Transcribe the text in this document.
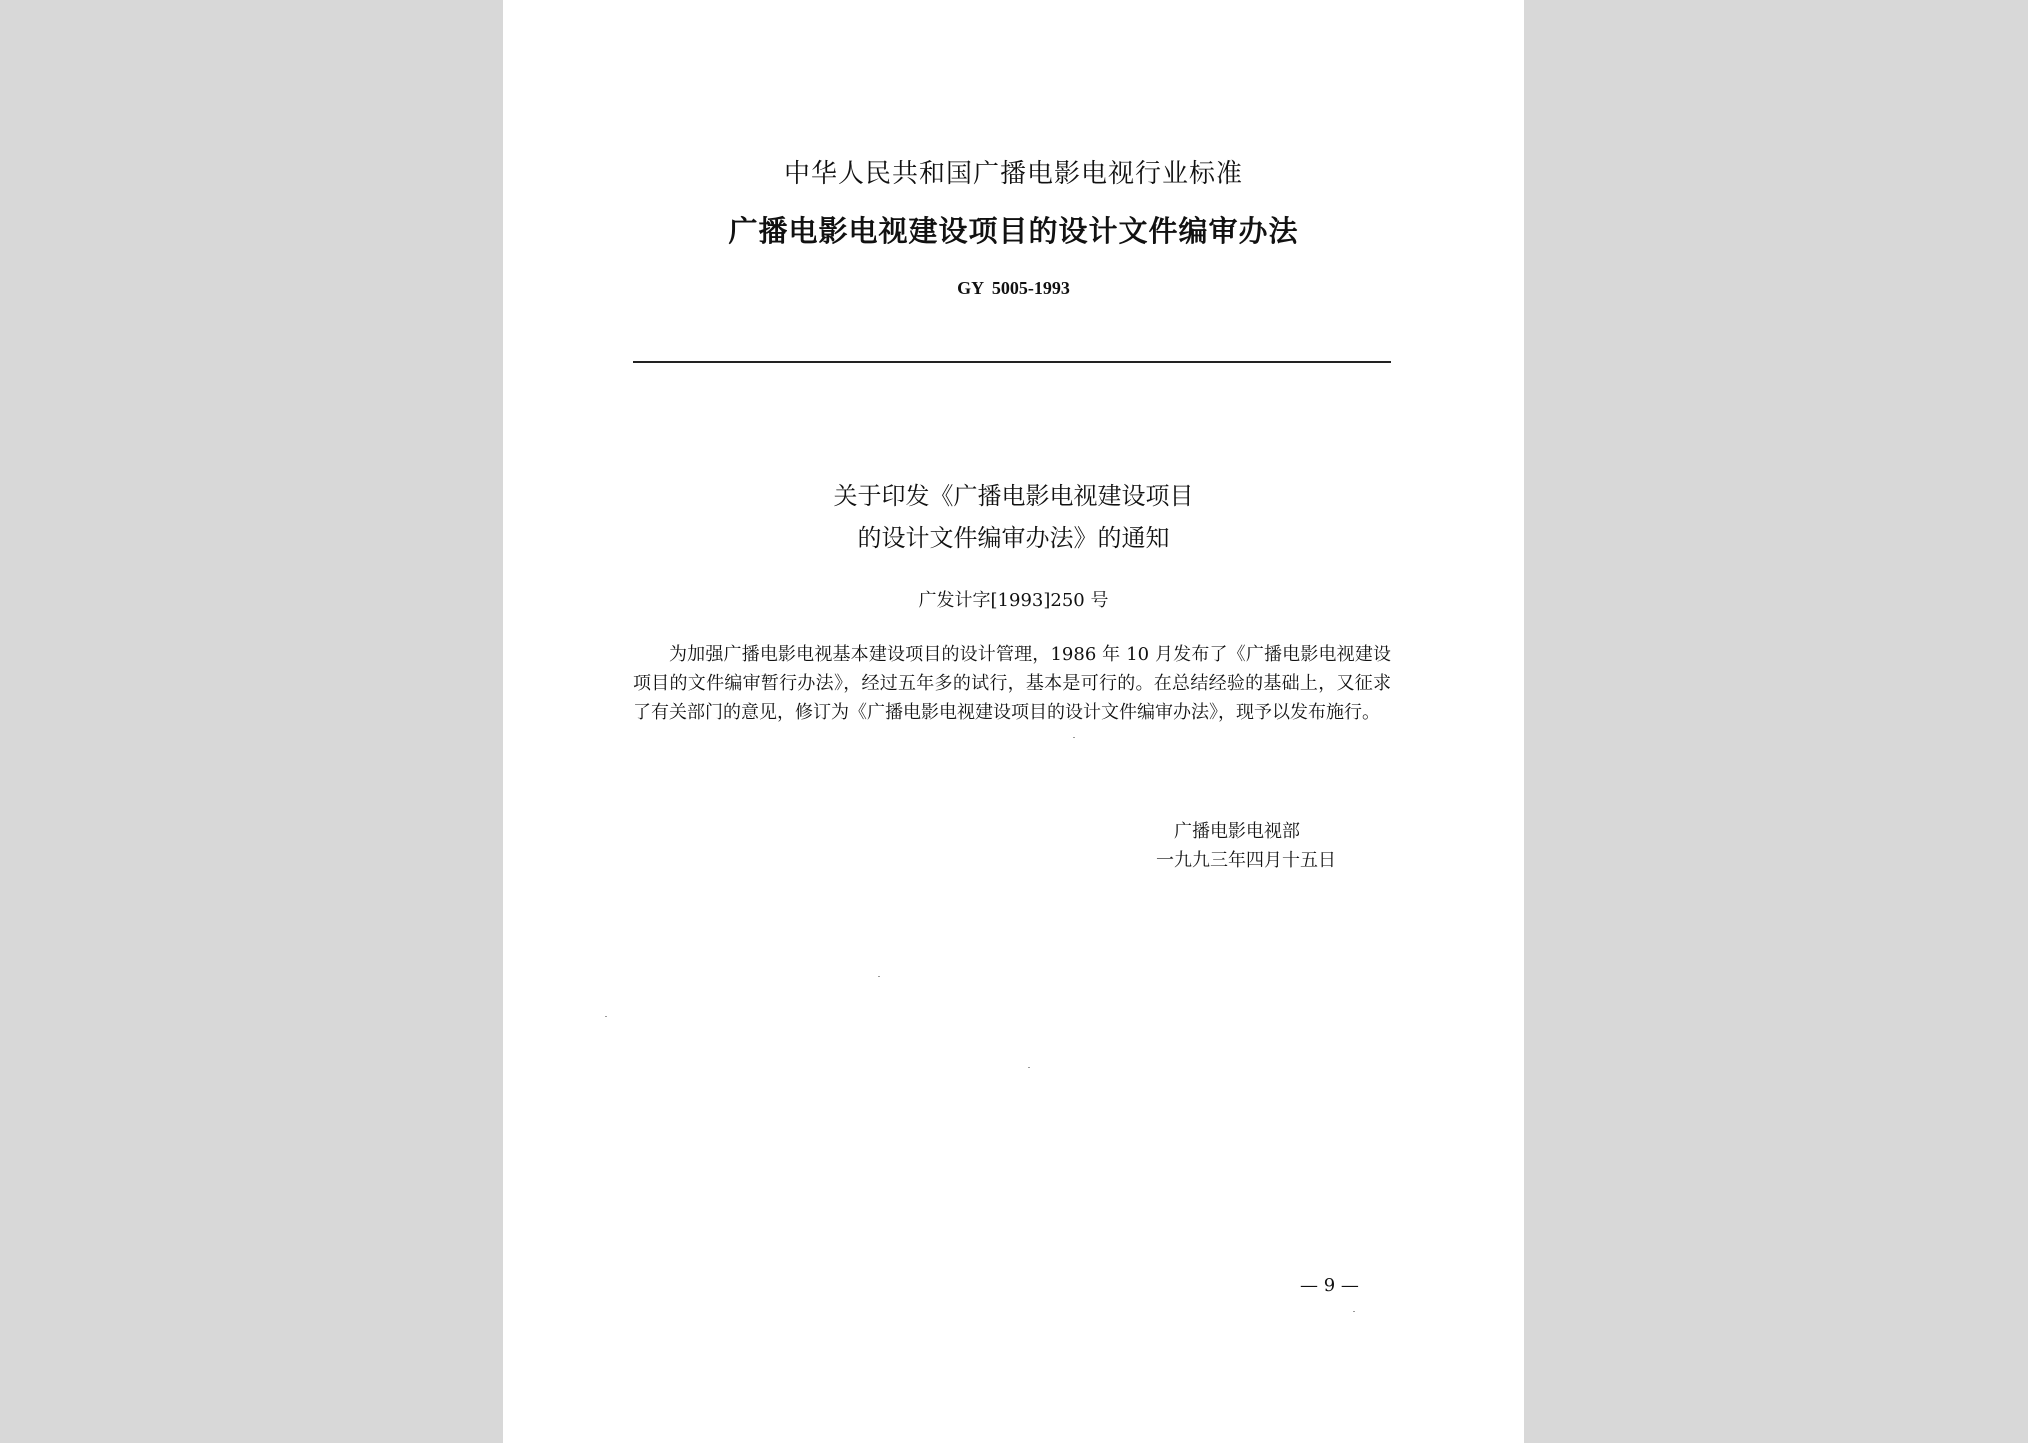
中华人民共和国广播电影电视行业标准
广播电影电视建设项目的设计文件编审办法
GY 5005-1993
关于印发《广播电影电视建设项目
的设计文件编审办法》的通知
广发计字[1993]250 号
为加强广播电影电视基本建设项目的设计管理，1986 年 10 月发布了《广播电影电视建设项目的文件编审暂行办法》，经过五年多的试行，基本是可行的。在总结经验的基础上，又征求了有关部门的意见，修订为《广播电影电视建设项目的设计文件编审办法》，现予以发布施行。
广播电影电视部
一九九三年四月十五日
— 9 —
